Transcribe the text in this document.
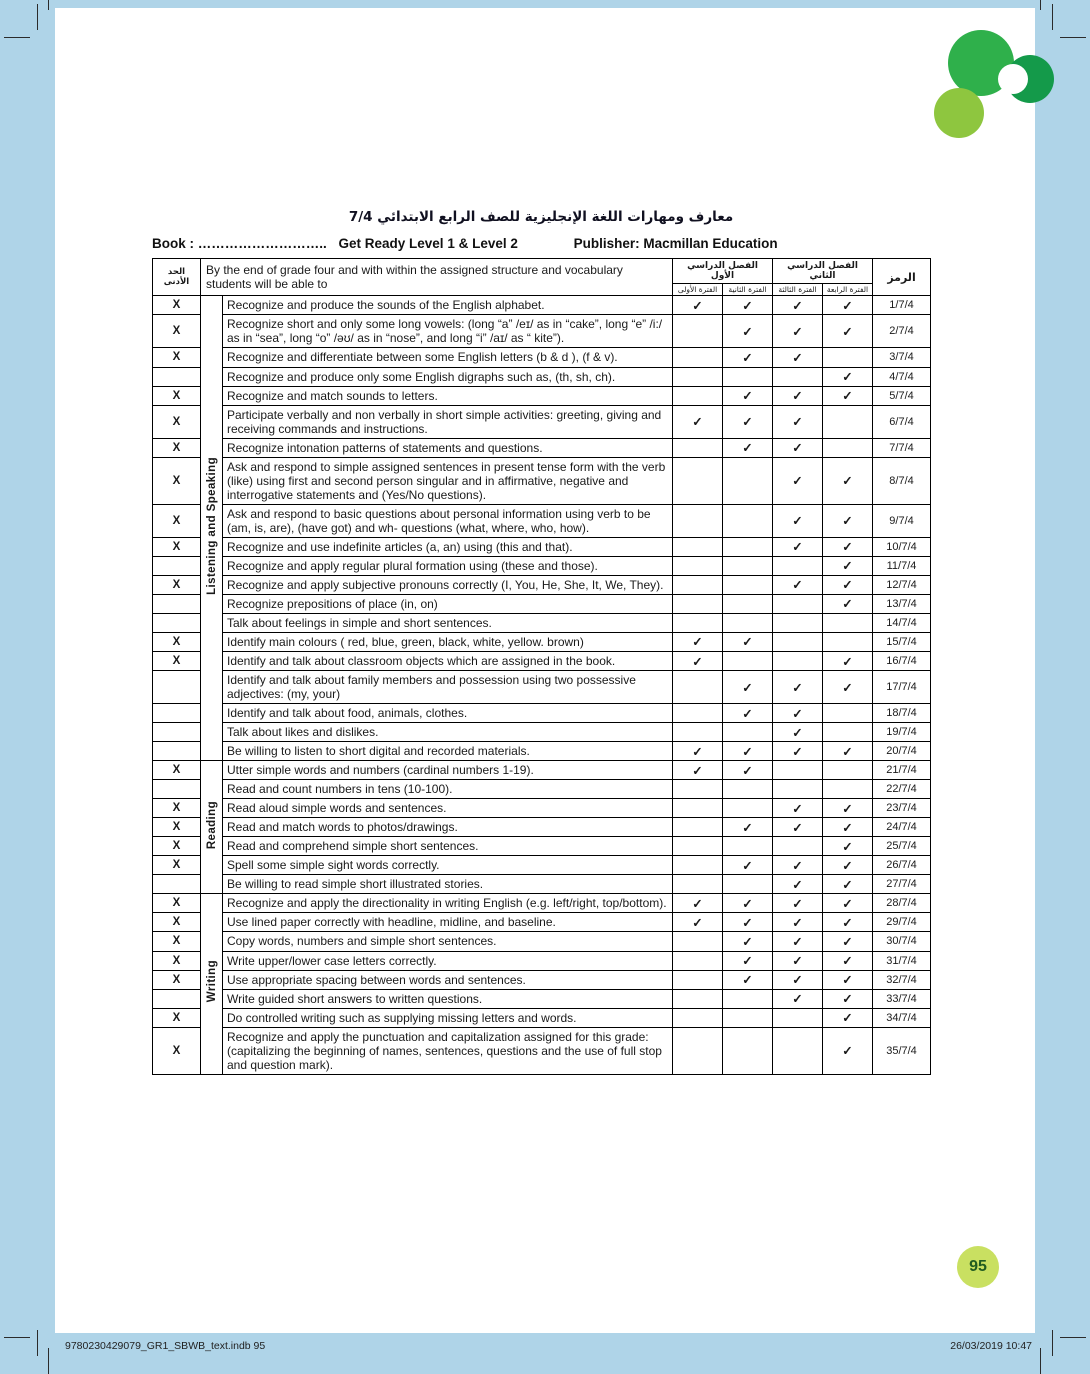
معارف ومهارات اللغة الإنجليزية للصف الرابع الابتدائي 7/4
Book : ……………………….. Get Ready Level 1 & Level 2	Publisher: Macmillan Education
الحد الأدنى	By the end of grade four and with within the assigned structure and vocabulary students will be able to		الفصل الدراسي الأول		الفصل الدراسي الثاني		الرمز
			الفترة الأولى	الفترة الثانية	الفترة الثالثة	الفترة الرابعة	
X	Listening and Speaking	Recognize and produce the sounds of the English alphabet.	✓	✓	✓	✓	1/7/4
X		Recognize short and only some long vowels: (long “a” /eɪ/ as in “cake”, long “e” /i:/ as in “sea”, long “o” /əʊ/ as in “nose”, and long “i” /aɪ/ as “ kite”).		✓	✓	✓	2/7/4
X		Recognize and differentiate between some English letters (b & d ), (f & v).		✓	✓		3/7/4
		Recognize and produce only some English digraphs such as, (th, sh, ch).				✓	4/7/4
X		Recognize and match sounds to letters.		✓	✓	✓	5/7/4
X		Participate verbally and non verbally in short simple activities: greeting, giving and receiving commands and instructions.	✓	✓	✓		6/7/4
X		Recognize intonation patterns of statements and questions.		✓	✓		7/7/4
X		Ask and respond to simple assigned sentences in present tense form with the verb (like) using first and second person singular and in affirmative, negative and interrogative statements and (Yes/No questions).			✓	✓	8/7/4
X		Ask and respond to basic questions about personal information using verb to be (am, is, are), (have got) and wh- questions (what, where, who, how).			✓	✓	9/7/4
X		Recognize and use indefinite articles (a, an) using (this and that).			✓	✓	10/7/4
		Recognize and apply regular plural formation using (these and those).				✓	11/7/4
X		Recognize and apply subjective pronouns correctly (I, You, He, She, It, We, They).			✓	✓	12/7/4
		Recognize prepositions of place (in, on)				✓	13/7/4
		Talk about feelings in simple and short sentences.					14/7/4
X		Identify main colours ( red, blue, green, black, white, yellow. brown)	✓	✓			15/7/4
X		Identify and talk about classroom objects which are assigned in the book.	✓			✓	16/7/4
		Identify and talk about family members and possession using two possessive adjectives: (my, your)		✓	✓	✓	17/7/4
		Identify and talk about food, animals, clothes.		✓	✓		18/7/4
		Talk about likes and dislikes.			✓		19/7/4
		Be willing to listen to short digital and recorded materials.	✓	✓	✓	✓	20/7/4
X	Reading	Utter simple words and numbers (cardinal numbers 1-19).	✓	✓			21/7/4
		Read and count numbers in tens (10-100).					22/7/4
X		Read aloud simple words and sentences.			✓	✓	23/7/4
X		Read and match words to photos/drawings.		✓	✓	✓	24/7/4
X		Read and comprehend simple short sentences.				✓	25/7/4
X		Spell some simple sight words correctly.		✓	✓	✓	26/7/4
		Be willing to read simple short illustrated stories.			✓	✓	27/7/4
X	Writing	Recognize and apply the directionality in writing English (e.g. left/right, top/bottom).	✓	✓	✓	✓	28/7/4
X		Use lined paper correctly with headline, midline, and baseline.	✓	✓	✓	✓	29/7/4
X		Copy words, numbers and simple short sentences.		✓	✓	✓	30/7/4
X		Write upper/lower case letters correctly.		✓	✓	✓	31/7/4
X		Use appropriate spacing between words and sentences.		✓	✓	✓	32/7/4
		Write guided short answers to written questions.			✓	✓	33/7/4
X		Do controlled writing such as supplying missing letters and words.				✓	34/7/4
X		Recognize and apply the punctuation and capitalization assigned for this grade: (capitalizing the beginning of names, sentences, questions and the use of full stop and question mark).				✓	35/7/4
95
9780230429079_GR1_SBWB_text.indb 95	26/03/2019 10:47
